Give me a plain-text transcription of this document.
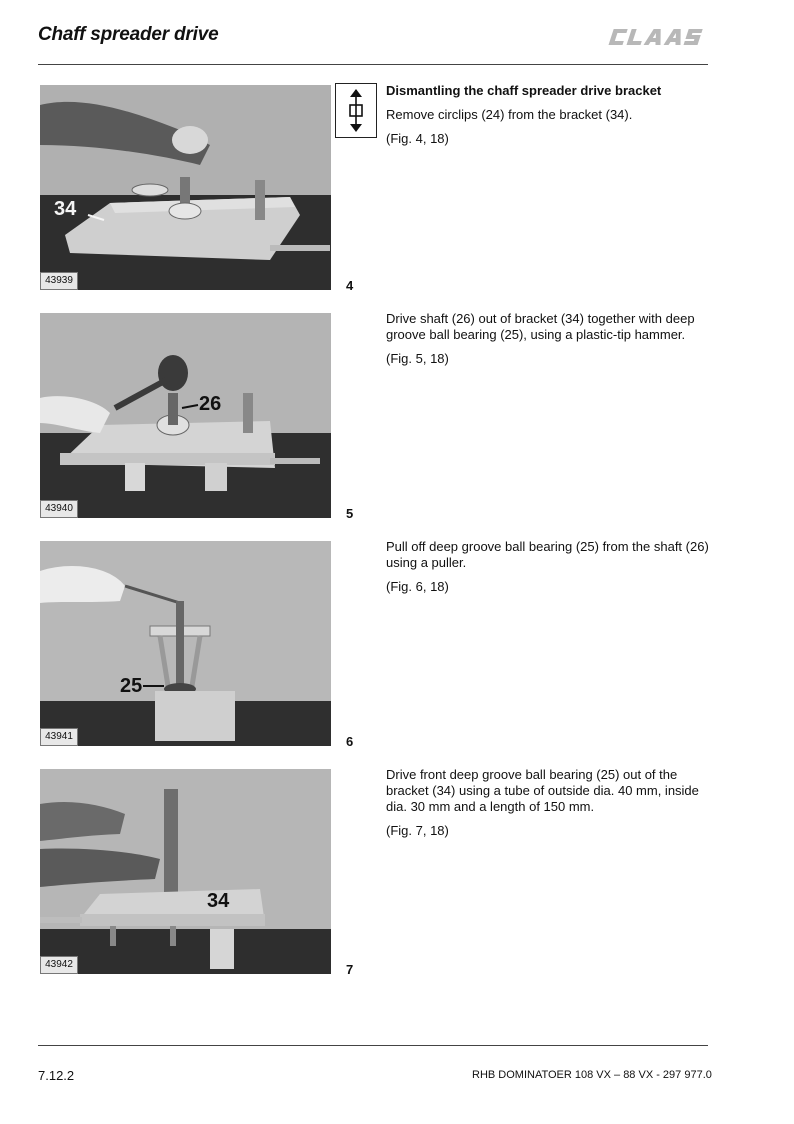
Chaff spreader drive
34
43939	4

Dismantling the chaff spreader drive bracket

Remove circlips (24) from the bracket (34).

(Fig. 4, 18)

26
43940	5

Drive shaft (26) out of bracket (34) together with deep groove ball bearing (25), using a plastic-tip hammer.

(Fig. 5, 18)

25
43941	6

Pull off deep groove ball bearing (25) from the shaft (26) using a puller.

(Fig. 6, 18)

34
43942	7

Drive front deep groove ball bearing (25) out of the bracket (34) using a tube of outside dia. 40 mm, inside dia. 30 mm and a length of 150 mm.

(Fig. 7, 18)

7.12.2	RHB DOMINATOER 108 VX – 88 VX - 297 977.0
